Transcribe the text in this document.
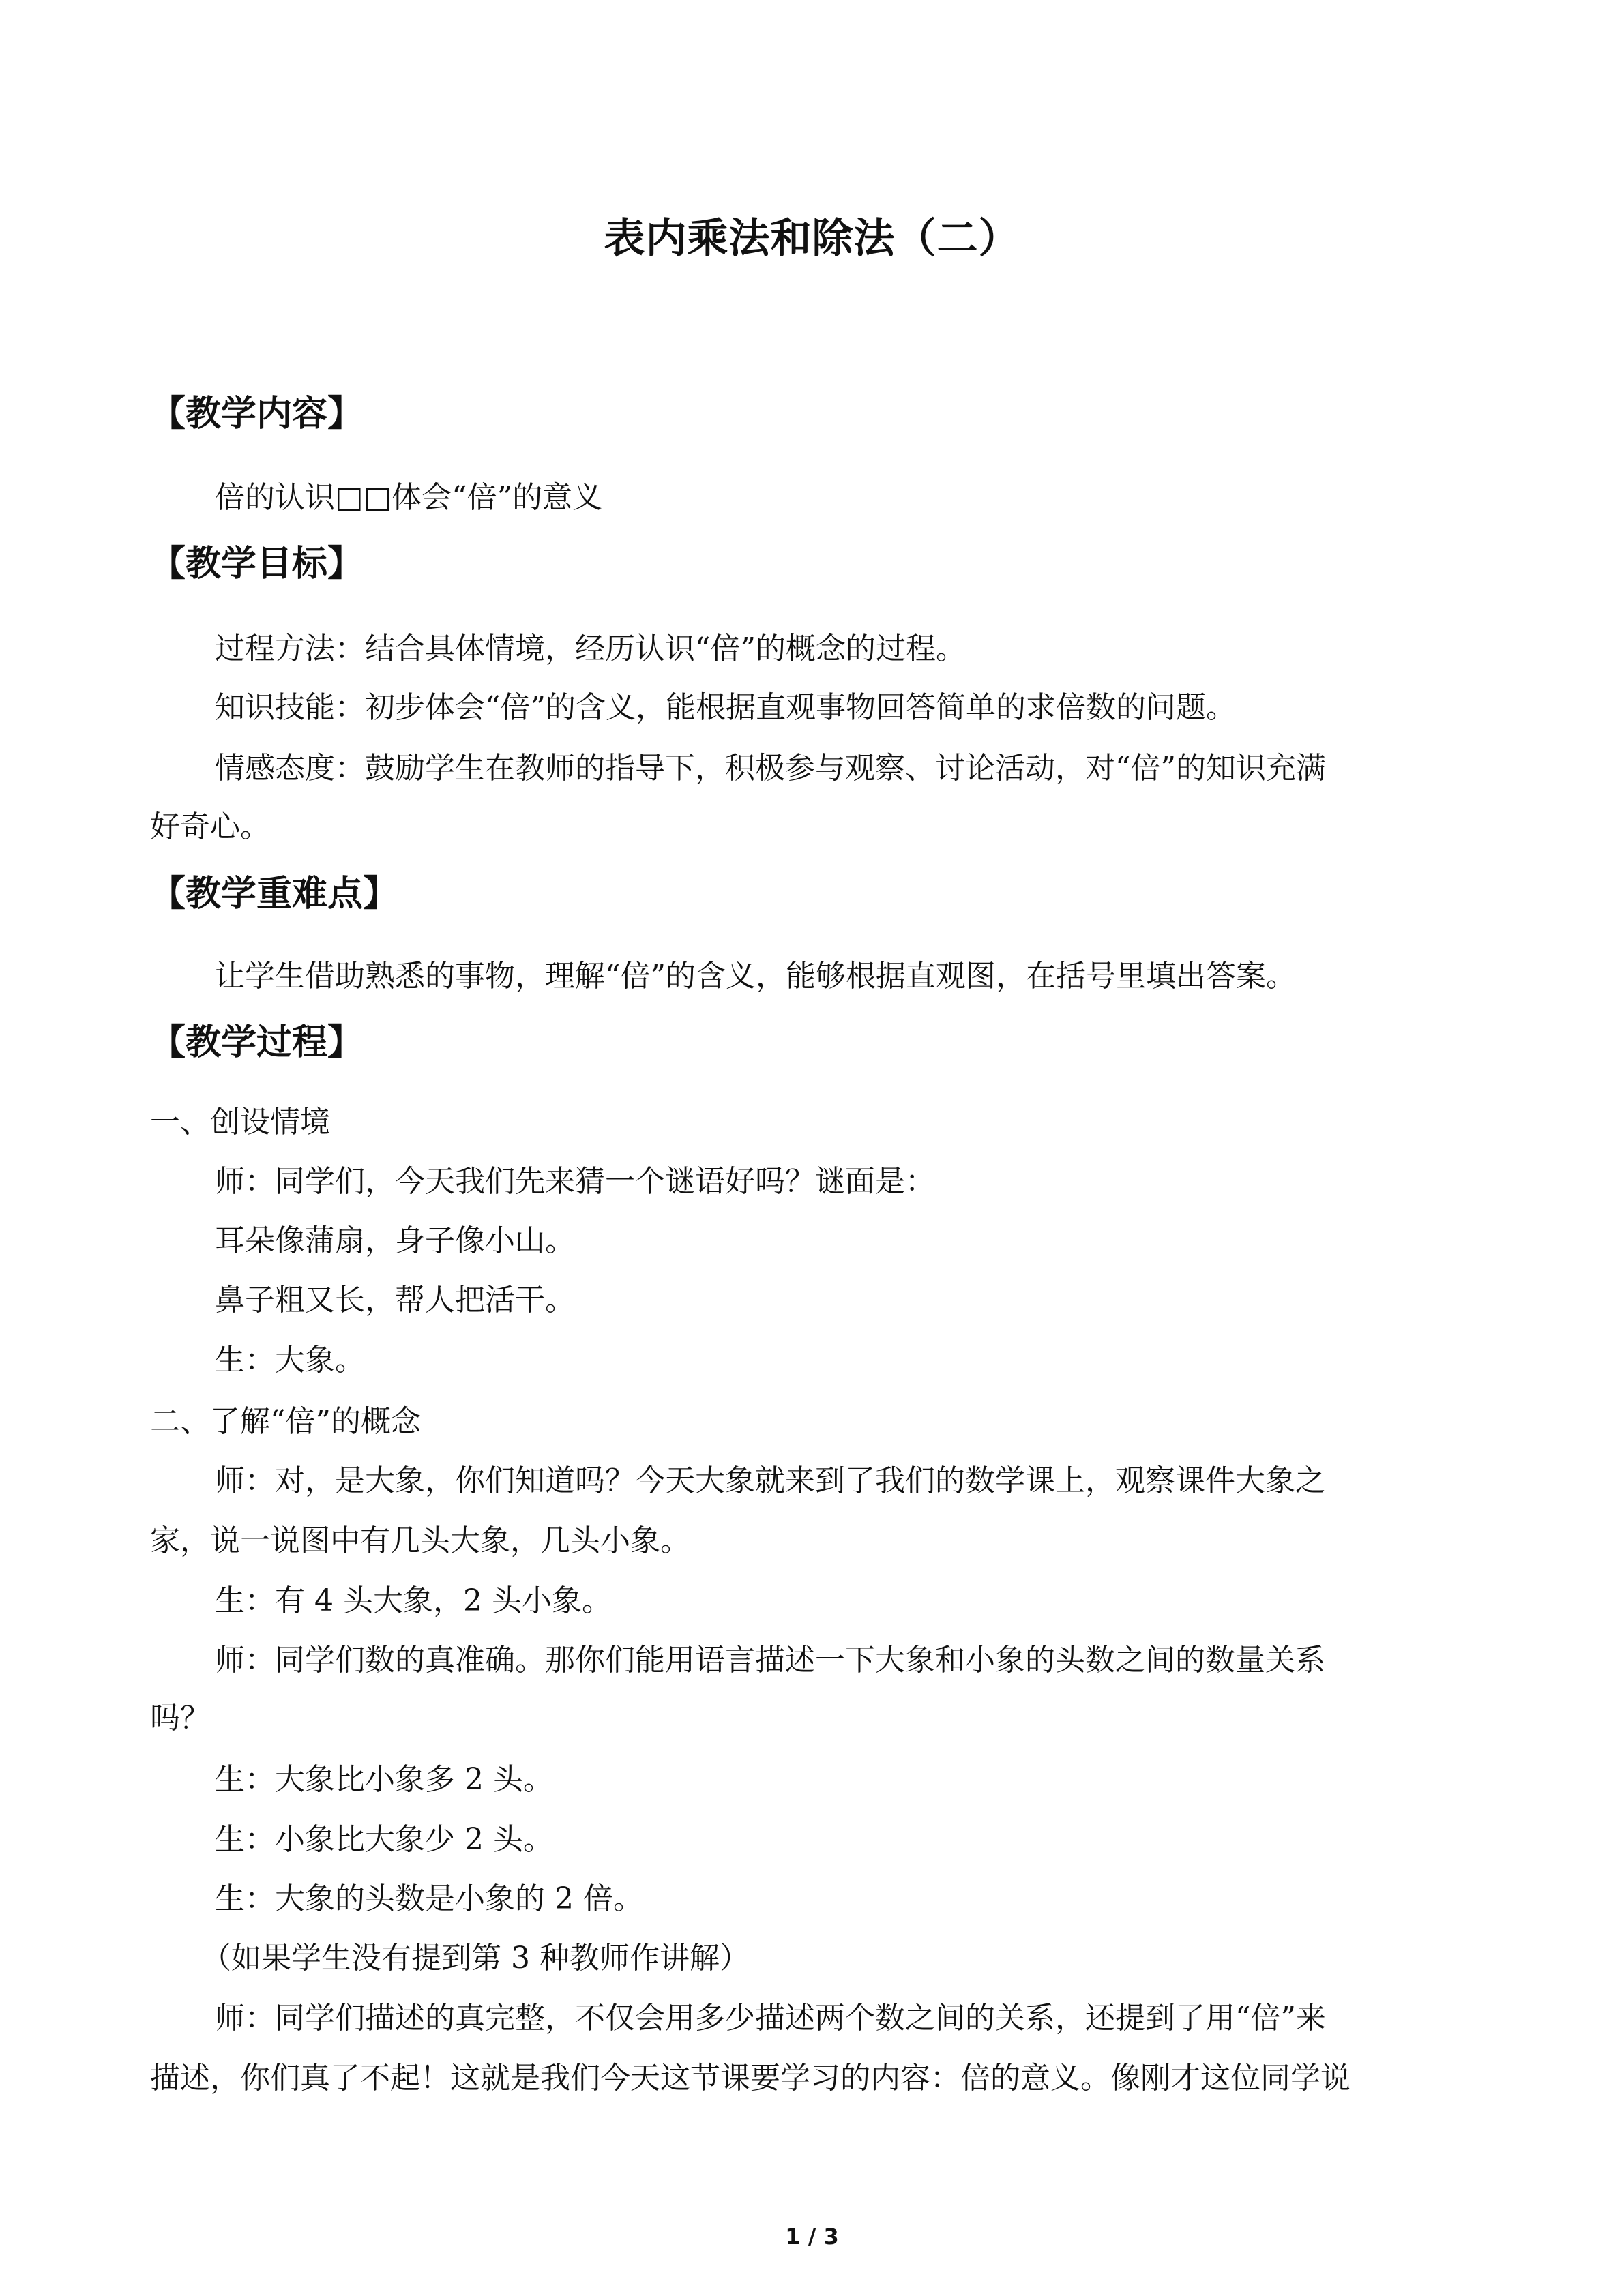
表内乘法和除法（二）
【教学内容】
倍的认识□□体会“倍”的意义
【教学目标】
过程方法：结合具体情境，经历认识“倍”的概念的过程。
知识技能：初步体会“倍”的含义，能根据直观事物回答简单的求倍数的问题。
情感态度：鼓励学生在教师的指导下，积极参与观察、讨论活动，对“倍”的知识充满
好奇心。
【教学重难点】
让学生借助熟悉的事物，理解“倍”的含义，能够根据直观图，在括号里填出答案。
【教学过程】
一、创设情境
师：同学们，今天我们先来猜一个谜语好吗？谜面是：
耳朵像蒲扇，身子像小山。
鼻子粗又长，帮人把活干。
生：大象。
二、了解“倍”的概念
师：对，是大象，你们知道吗？今天大象就来到了我们的数学课上，观察课件大象之
家，说一说图中有几头大象，几头小象。
生：有 4 头大象，2 头小象。
师：同学们数的真准确。那你们能用语言描述一下大象和小象的头数之间的数量关系
吗？
生：大象比小象多 2 头。
生：小象比大象少 2 头。
生：大象的头数是小象的 2 倍。
（如果学生没有提到第 3 种教师作讲解）
师：同学们描述的真完整，不仅会用多少描述两个数之间的关系，还提到了用“倍”来
描述，你们真了不起！这就是我们今天这节课要学习的内容：倍的意义。像刚才这位同学说
1 / 3
